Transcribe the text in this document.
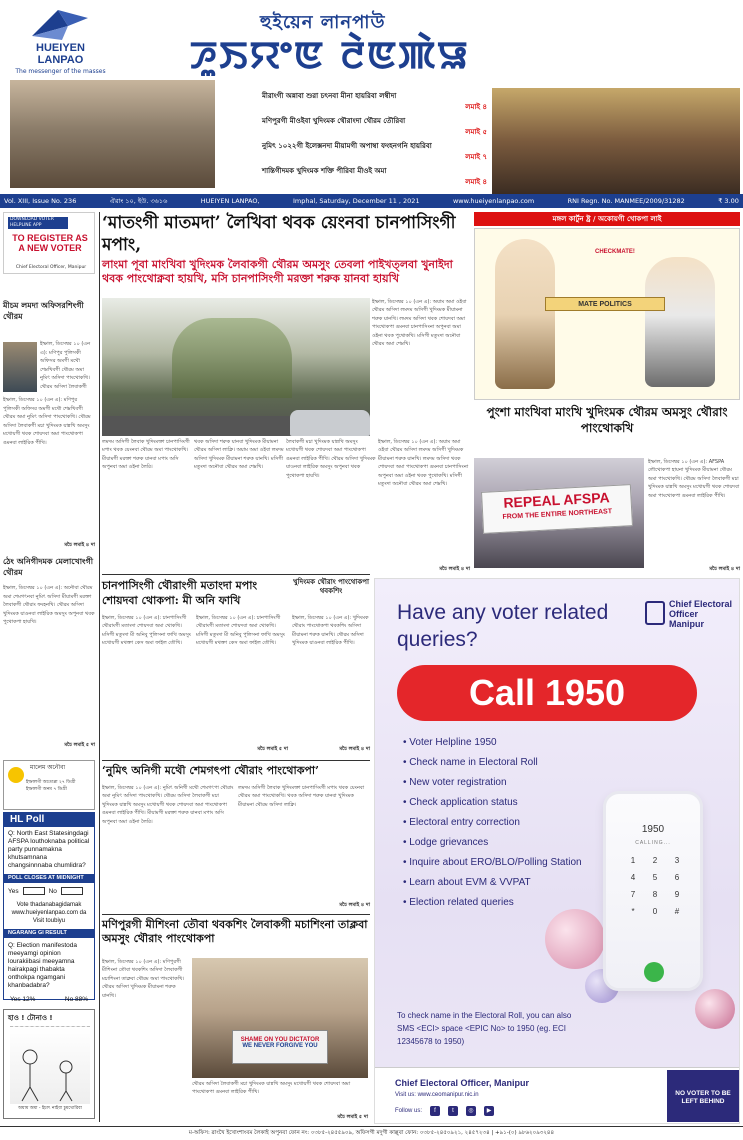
HUEIYEN
LANPAO
The messenger of the masses
হুইয়েন লানপাউ
ꯍꯨꯏꯌꯦꯟ ꯂꯥꯟꯄꯥꯎ
মীরাংগী অন্নাবা শুরা চৎনবা মীনা হায়রিবা লম্বীদা
লমাই ৪
মণিপুরগী মীওইবা খুদিংমক থৌরাংদা থৌরম তৌরিবা
লমাই ৫
নুমিৎ ১০২২গী ইলেক্সনদা মীয়ামগী অপাম্বা ফংহনগনি হায়রিবা
লমাই ৭
শান্তিগীদমক খুদিংমক শক্তি পীরিবা মীওই অমা
লমাই ৪
Vol. XIII, Issue No. 236	ঐরাং ১০, ইউ. ৩৬১৬	HUEIYEN LANPAO,	Imphal, Saturday, December 11 , 2021	www.hueiyenlanpao.com	RNI Regn. No. MANMEE/2009/31282	₹ 3.00
DOWNLOAD VOTER HELPLINE APP
TO REGISTER AS A NEW VOTER
Chief Electoral Officer, Manipur
মীচম লমদা অফিসরশিংগী থৌরম
ইম্ফাল, ডিসেম্বর ১০ (এন এ): মণিপুর পুলিসকী অফিসর অমগী মথৌ শেম্নখিবগী থৌরম অমা নুমিৎ অসিদা পাংথোকখি। থৌরম অসিদা লৈবাকগী
ইম্ফাল, ডিসেম্বর ১০ (এন এ): মণিপুর পুলিসকী অফিসর অমগী মথৌ শেম্নখিবগী থৌরম অমা নুমিৎ অসিদা পাংথোকখি। থৌরম অসিদা লৈবাকগী মচা খুদিংমক য়ান্নখি অমসুং মখোয়গী থবক শোয়দবা অমা পাংথোকপা ঙমনবা লাইরিক পীখি।
মচৈ লমাই ৪ দা
ঠেং অনিগীদমক মেলাখোংগী থৌরম
ইম্ফাল, ডিসেম্বর ১০ (এন এ): অনৌবা থৌরম অমা শেমগৎনবা নুমিৎ অসিদা মীয়ামগী মরক্তা লৈবাকগী থৌরাং ফংহনখি। থৌরম অসিদা খুদিংমক য়াওনবা লাইরিক অমসুং অপুনবা থবক পুথোকপা হায়খি।
মচৈ লমাই ৫ দা
মালেম অনৌবা
ইম্ফালগী অতোপ্পা ২৭ ডিগ্রী
ইম্ফালগী অনম ৭ ডিগ্রী
HL Poll
Q: North East Statesingdagi AFSPA louthoknaba political party punnamakna khutsamnana changsinnnaba chumlidra?
POLL CLOSES AT MIDNIGHT
Yes	No
Vote thadanabagidamak www.hueiyenlanpao.com da Visit toubiyu
NGARANG GI RESULT
Q: Election manifestoda meeyamgi opinion lourakiibasi meeyamna hairakpagi thabakta onthokpa ngamgani khanbadabra?
Yes 12%	No 88%
হাও ! টোনাও !
অয়াম অমা - ইচাৎ নাইবা চুমথোরিবা
‘মাতংগী মাতমদা’ লৈখিবা থবক য়েংনবা চানপাসিংগী মপাং,
লাংমা পূবা মাংখিবা খুদিংমক লৈবাকগী থৌরম অমসুং তেবলা পাইখত্লবা খুনাইদা থবক পাংথোক্নবা হায়খি, মসি চানপাসিংগী মরক্তা শরুক য়ানবা হায়খি
ইম্ফাল, ডিসেম্বর ১০ (এন এ): অয়াম অমা ওইবা থৌরম অসিদা লমদম অসিগী খুদিংমক মীয়ামনা শরুক য়ানখি। লমদম অসিদা থবক শোয়দবা অমা পাংথোকপা ঙমনবা চানপাসিংনা অপুনবা অমা ওইনা থবক পুথোকখি। মসিগী মতুংদা অনৌবা থৌরম অমা শেম্নখি।
লমদম অসিগী লৈবাক খুদিংমক্তা চানপাসিংগী মপাং থবক য়েংনবা থৌরম অমা পাংথোকখি। মীয়ামগী মরক্তা শরুক য়ানবা মপাং অসি অপুনবা অমা ওইনা লৈরি।
থবক অসিদা শরুক য়ানবা খুদিংমক মীয়ামনা থৌরম অসিদা লাক্লি। অয়াম অমা ওইবা লমদম অসিদা খুদিংমক মীয়ামনা শরুক য়ানখি। মসিগী মতুংদা অনৌবা থৌরম অমা শেম্নখি।
লৈবাকগী মচা খুদিংমক য়ান্নখি অমসুং মখোয়গী থবক শোয়দবা অমা পাংথোকপা ঙমনবা লাইরিক পীখি। থৌরম অসিদা খুদিংমক য়াওনবা লাইরিক অমসুং অপুনবা থবক পুথোকপা হায়খি।
ইম্ফাল, ডিসেম্বর ১০ (এন এ): অয়াম অমা ওইবা থৌরম অসিদা লমদম অসিগী খুদিংমক মীয়ামনা শরুক য়ানখি। লমদম অসিদা থবক শোয়দবা অমা পাংথোকপা ঙমনবা চানপাসিংনা অপুনবা অমা ওইনা থবক পুথোকখি। মসিগী মতুংদা অনৌবা থৌরম অমা শেম্নখি।
মচৈ লমাই ৪ দা
চানপাসিংগী থৌরাংগী মতাংদা মপাং শোয়দবা থোকপা: মী অনি ফাখি
ইম্ফাল, ডিসেম্বর ১০ (এন এ): চানপাসিংগী থৌরাংগী মতাংদা শোয়দবা অমা থোকখি। মসিগী মতুংদা মী অনিবু পুলিসনা ফাখি অমসুং মখোয়গী মথক্তা কেস অমা ফাইল তৌখি।
ইম্ফাল, ডিসেম্বর ১০ (এন এ): চানপাসিংগী থৌরাংগী মতাংদা শোয়দবা অমা থোকখি। মসিগী মতুংদা মী অনিবু পুলিসনা ফাখি অমসুং মখোয়গী মথক্তা কেস অমা ফাইল তৌখি।
মচৈ লমাই ৫ দা
খুদিংমক থৌরাং পাংথোকপা থবকশিং
ইম্ফাল, ডিসেম্বর ১০ (এন এ): খুদিংমক থৌরাং পাংথোকপা থবকশিং অসিদা মীয়ামনা শরুক য়ানখি। থৌরম অসিদা খুদিংমক য়াওনবা লাইরিক পীখি।
মচৈ লমাই ৪ দা
‘নুমিৎ অনিগী মথৌ শেমগৎপা থৌরাং পাংথোকপা’
ইম্ফাল, ডিসেম্বর ১০ (এন এ): নুমিৎ অনিগী মথৌ শেমগৎপা থৌরাং অমা নুমিৎ অসিদা পাংথোকখি। থৌরম অসিদা লৈবাকগী মচা খুদিংমক য়ান্নখি অমসুং মখোয়গী থবক শোয়দবা অমা পাংথোকপা ঙমনবা লাইরিক পীখি। মীয়ামগী মরক্তা শরুক য়ানবা মপাং অসি অপুনবা অমা ওইনা লৈরি।
লমদম অসিগী লৈবাক খুদিংমক্তা চানপাসিংগী মপাং থবক য়েংনবা থৌরম অমা পাংথোকখি। থবক অসিদা শরুক য়ানবা খুদিংমক মীয়ামনা থৌরম অসিদা লাক্লি।
মচৈ লমাই ৪ দা
মণিপুরগী মীশিংনা তৌবা থবকশিং লৈবাকগী মচাশিংনা তাক্লবা অমসুং থৌরাং পাংথোকপা
ইম্ফাল, ডিসেম্বর ১০ (এন এ): মণিপুরগী মীশিংনা তৌবা থবকশিং অসিদা লৈবাকগী মচাশিংনা তাক্লবা থৌরম অমা পাংথোকখি। থৌরম অসিদা খুদিংমক মীয়ামনা শরুক য়ানখি।
SHAME ON YOU DICTATOR
WE NEVER FORGIVE YOU
থৌরম অসিদা লৈবাকগী মচা খুদিংমক য়ান্নখি অমসুং মখোয়গী থবক শোয়দবা অমা পাংথোকপা ঙমনবা লাইরিক পীখি।
মচৈ লমাই ৫ দা
মঙ্গল কাৰ্টুন ষ্ট্ৰ / অকোয়গী খোকপা লাই
CHECKMATE!
MATE POLITICS
পুংশা মাংখিবা মাংখি খুদিংমক থৌরম অমসুং থৌরাং পাংথোকখি
REPEAL AFSPA
FROM THE ENTIRE NORTHEAST
ইম্ফাল, ডিসেম্বর ১০ (এন এ): AFSPA লৌথোকপা হায়না খুদিংমক মীয়ামনা থৌরম অমা পাংথোকখি। থৌরম অসিদা লৈবাকগী মচা খুদিংমক য়ান্নখি অমসুং মখোয়গী থবক শোয়দবা অমা পাংথোকপা ঙমনবা লাইরিক পীখি।
মচৈ লমাই ৪ দা
Have any voter related queries?
Chief Electoral Officer Manipur
Call 1950
• Voter Helpline 1950
• Check name in Electoral Roll
• New voter registration
• Check application status
• Electoral entry correction
• Lodge grievances
• Inquire about ERO/BLO/Polling Station
• Learn about EVM & VVPAT
• Election related queries
1950
CALLING...
1	2	3
4	5	6
7	8	9
*	0	#
To check name in the Electoral Roll, you can also SMS <ECI> space <EPIC No> to 1950 (eg. ECI 12345678 to 1950)
Chief Electoral Officer, Manipur
Visit us: www.ceomanipur.nic.in
Follow us:	f	t	◎	▶
NO VOTER TO BE LEFT BEHIND
ম-অফিস: ৱাংখৈ ইখোংশাংবম লৈকাই অপুনবা ফোন নং: ০৩৮৫-২৪৫৫৯০৯, অফিসগী মদুগী কাল্লুবা ফোন: ০৩৮৫-২৪৫০৯২১, ২৪৫৭২৩৪ | +৯১-(০) ৯৮৬২০৯৩২৪৪
